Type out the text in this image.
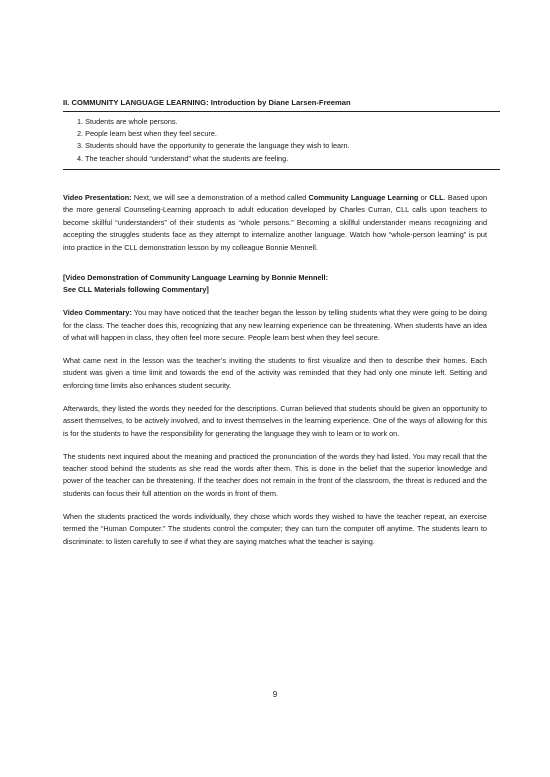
II. COMMUNITY LANGUAGE LEARNING: Introduction by Diane Larsen-Freeman
1. Students are whole persons.
2. People learn best when they feel secure.
3. Students should have the opportunity to generate the language they wish to learn.
4. The teacher should “understand” what the students are feeling.

Video Presentation: Next, we will see a demonstration of a method called Community Language Learning or CLL. Based upon the more general Counseling-Learning approach to adult education developed by Charles Curran, CLL calls upon teachers to become skillful “understanders” of their students as “whole persons.” Becoming a skillful understander means recognizing and accepting the struggles students face as they attempt to internalize another language. Watch how “whole-person learning” is put into practice in the CLL demonstration lesson by my colleague Bonnie Mennell.

[Video Demonstration of Community Language Learning by Bonnie Mennell:
See CLL Materials following Commentary]

Video Commentary: You may have noticed that the teacher began the lesson by telling students what they were going to be doing for the class. The teacher does this, recognizing that any new learning experience can be threatening. When students have an idea of what will happen in class, they often feel more secure. People learn best when they feel secure.

What came next in the lesson was the teacher’s inviting the students to first visualize and then to describe their homes. Each student was given a time limit and towards the end of the activity was reminded that they had only one minute left. Setting and enforcing time limits also enhances student security.

Afterwards, they listed the words they needed for the descriptions. Curran believed that students should be given an opportunity to assert themselves, to be actively involved, and to invest themselves in the learning experience. One of the ways of allowing for this is for the students to have the responsibility for generating the language they wish to learn or to work on.

The students next inquired about the meaning and practiced the pronunciation of the words they had listed. You may recall that the teacher stood behind the students as she read the words after them. This is done in the belief that the superior knowledge and power of the teacher can be threatening. If the teacher does not remain in the front of the classroom, the threat is reduced and the students can focus their full attention on the words in front of them.

When the students practiced the words individually, they chose which words they wished to have the teacher repeat, an exercise termed the “Human Computer.” The students control the computer; they can turn the computer off anytime. The students learn to discriminate: to listen carefully to see if what they are saying matches what the teacher is saying.

9
